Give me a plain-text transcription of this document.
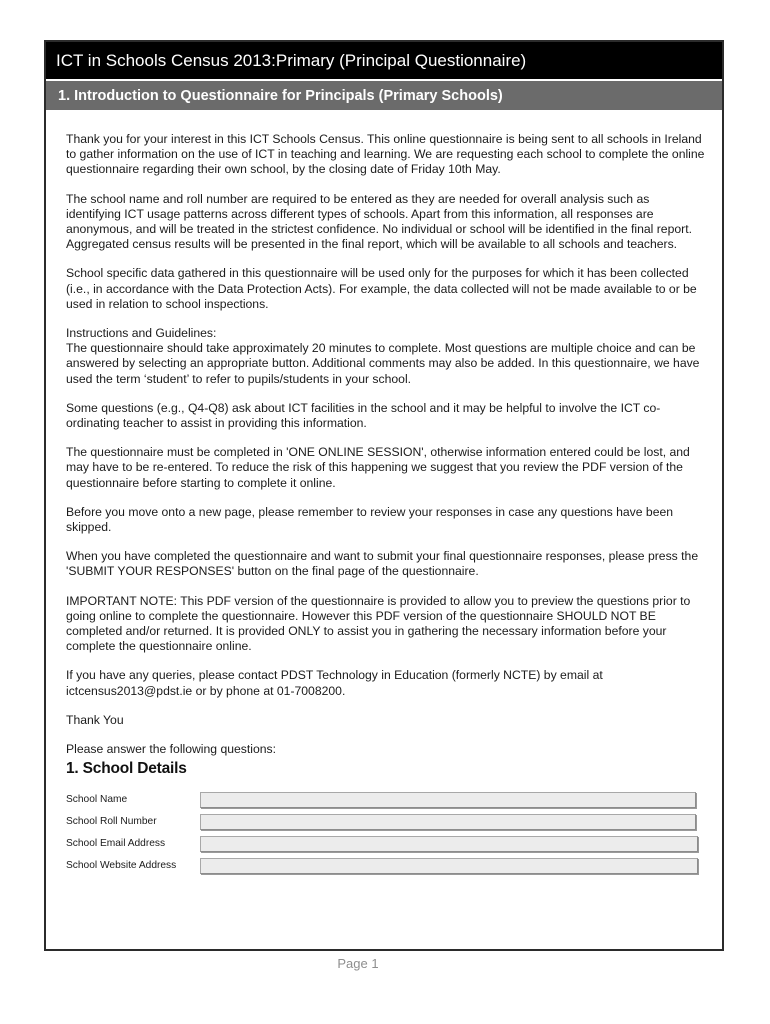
ICT in Schools Census 2013:Primary (Principal Questionnaire)
1. Introduction to Questionnaire for Principals (Primary Schools)

Thank you for your interest in this ICT Schools Census. This online questionnaire is being sent to all schools in Ireland to gather information on the use of ICT in teaching and learning. We are requesting each school to complete the online questionnaire regarding their own school, by the closing date of Friday 10th May.

The school name and roll number are required to be entered as they are needed for overall analysis such as identifying ICT usage patterns across different types of schools. Apart from this information, all responses are anonymous, and will be treated in the strictest confidence. No individual or school will be identified in the final report. Aggregated census results will be presented in the final report, which will be available to all schools and teachers.

School specific data gathered in this questionnaire will be used only for the purposes for which it has been collected (i.e., in accordance with the Data Protection Acts). For example, the data collected will not be made available to or be used in relation to school inspections.

Instructions and Guidelines:

The questionnaire should take approximately 20 minutes to complete. Most questions are multiple choice and can be answered by selecting an appropriate button. Additional comments may also be added. In this questionnaire, we have used the term ‘student’ to refer to pupils/students in your school.

Some questions (e.g., Q4-Q8) ask about ICT facilities in the school and it may be helpful to involve the ICT co-ordinating teacher to assist in providing this information.

The questionnaire must be completed in 'ONE ONLINE SESSION', otherwise information entered could be lost, and may have to be re-entered. To reduce the risk of this happening we suggest that you review the PDF version of the questionnaire before starting to complete it online.

Before you move onto a new page, please remember to review your responses in case any questions have been skipped.

When you have completed the questionnaire and want to submit your final questionnaire responses, please press the 'SUBMIT YOUR RESPONSES' button on the final page of the questionnaire.

IMPORTANT NOTE: This PDF version of the questionnaire is provided to allow you to preview the questions prior to going online to complete the questionnaire. However this PDF version of the questionnaire SHOULD NOT BE completed and/or returned. It is provided ONLY to assist you in gathering the necessary information before your complete the questionnaire online.

If you have any queries, please contact PDST Technology in Education (formerly NCTE) by email at ictcensus2013@pdst.ie or by phone at 01-7008200.

Thank You

Please answer the following questions:

1. School Details
School Name
School Roll Number
School Email Address
School Website Address
Page 1
